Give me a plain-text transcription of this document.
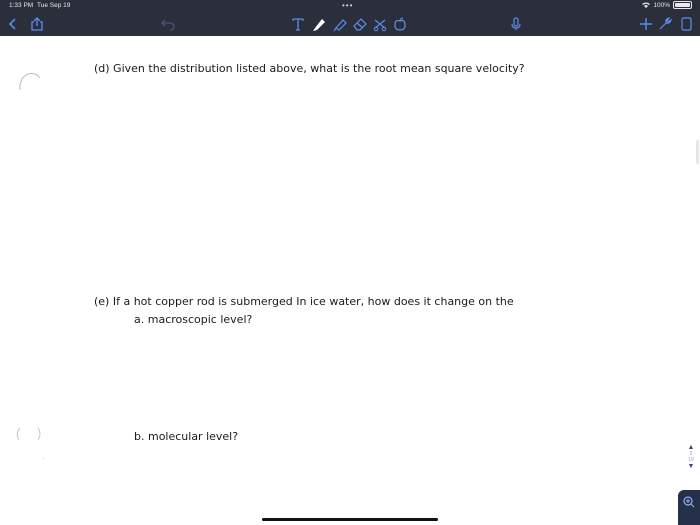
1:33 PM Tue Sep 19	•••	100%
(d) Given the distribution listed above, what is the root mean square velocity?
(e) If a hot copper rod is submerged In ice water, how does it change on the
a. macroscopic level?
b. molecular level?
▲
3
19
▼
